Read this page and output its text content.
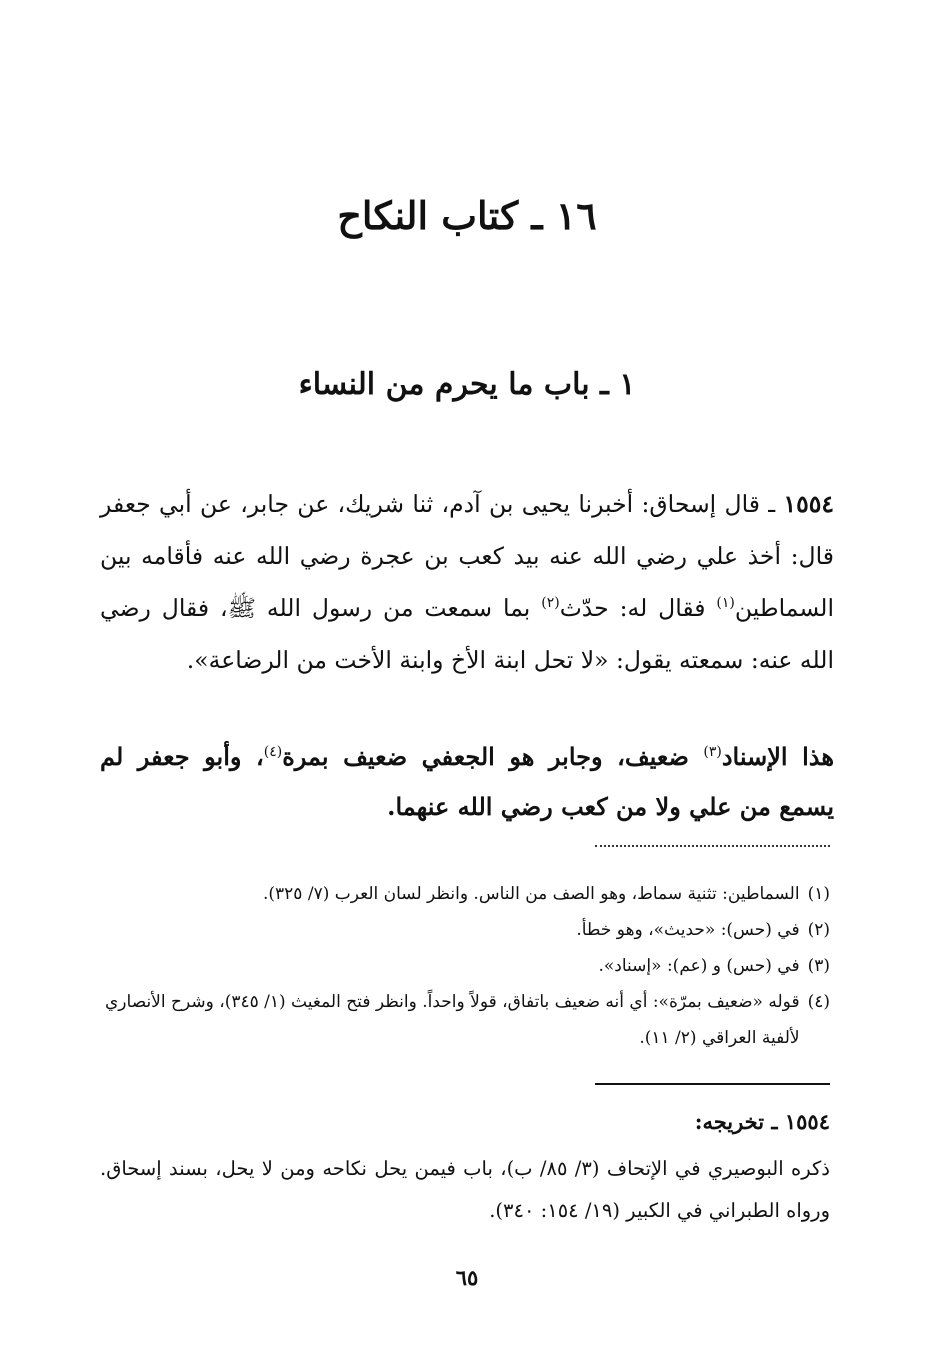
١٦ ـ كتاب النكاح
١ ـ باب ما يحرم من النساء
١٥٥٤ ـ قال إسحاق: أخبرنا يحيى بن آدم، ثنا شريك، عن جابر، عن أبي جعفر قال: أخذ علي رضي الله عنه بيد كعب بن عجرة رضي الله عنه فأقامه بين السماطين$^{(١)}$ فقال له: حدّث$^{(٢)}$ بما سمعت من رسول الله ﷺ، فقال رضي الله عنه: سمعته يقول: «لا تحل ابنة الأخ وابنة الأخت من الرضاعة».
هذا الإسناد$^{(٣)}$ ضعيف، وجابر هو الجعفي ضعيف بمرة$^{(٤)}$، وأبو جعفر لم يسمع من علي ولا من كعب رضي الله عنهما.
(١)
السماطين: تثنية سماط، وهو الصف من الناس. وانظر لسان العرب (٧/ ٣٢٥).
(٢)
في (حس): «حديث»، وهو خطأ.
(٣)
في (حس) و (عم): «إسناد».
(٤)
قوله «ضعيف بمرّة»: أي أنه ضعيف باتفاق، قولاً واحداً. وانظر فتح المغيث (١/ ٣٤٥)، وشرح الأنصاري لألفية العراقي (٢/ ١١).
١٥٥٤ ـ تخريجه:
ذكره البوصيري في الإتحاف (٣/ ٨٥/ ب)، باب فيمن يحل نكاحه ومن لا يحل، بسند إسحاق. ورواه الطبراني في الكبير (١٩/ ١٥٤: ٣٤٠).
٦٥
